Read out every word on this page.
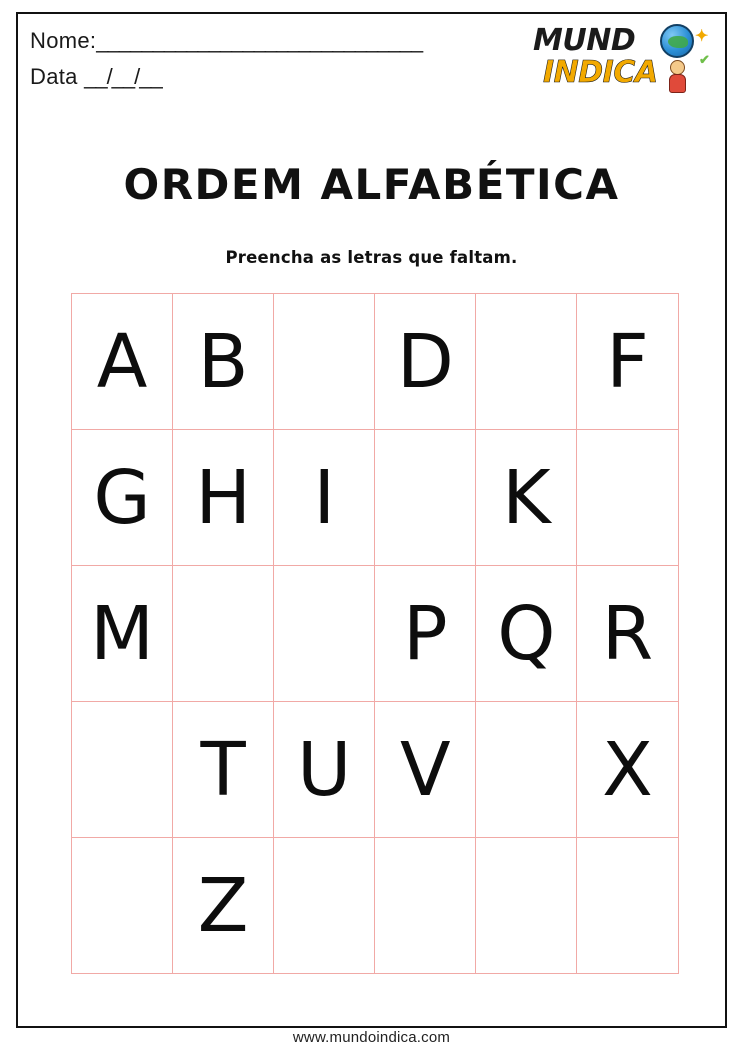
Nome:_____________________________
Data __/__/__
MUND
INDICA
✦
✔
ORDEM ALFABÉTICA
Preencha as letras que faltam.
A	B		D		F
G	H	I		K	
M			P	Q	R
	T	U	V		X
	Z				
www.mundoindica.com
